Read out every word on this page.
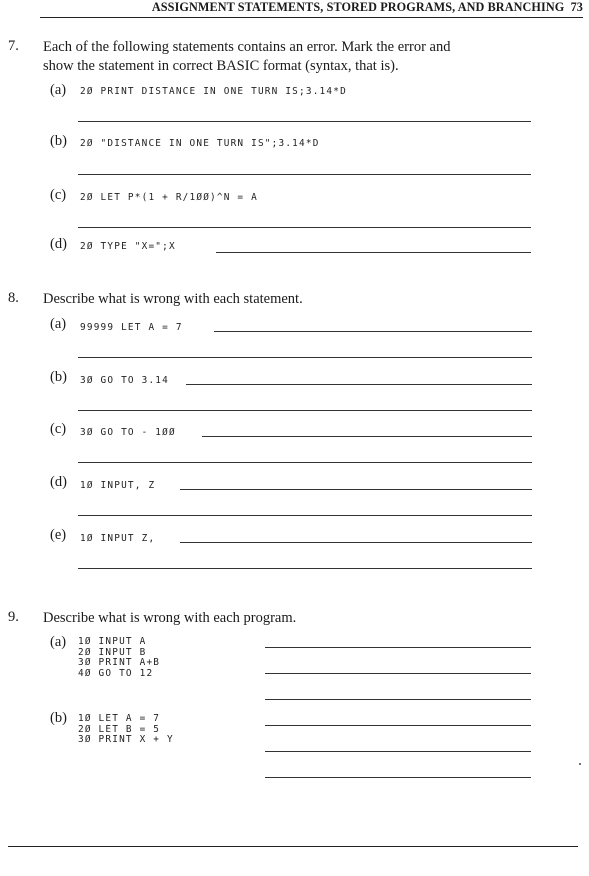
ASSIGNMENT STATEMENTS, STORED PROGRAMS, AND BRANCHING 73
7. Each of the following statements contains an error. Mark the error and
show the statement in correct BASIC format (syntax, that is).
(a) 2Ø PRINT DISTANCE IN ONE TURN IS;3.14*D
(b) 2Ø "DISTANCE IN ONE TURN IS";3.14*D
(c) 2Ø LET P*(1 + R/1ØØ)^N = A
(d) 2Ø TYPE "X=";X
8. Describe what is wrong with each statement.
(a) 99999 LET A = 7
(b) 3Ø GO TO 3.14
(c) 3Ø GO TO - 1ØØ
(d) 1Ø INPUT, Z
(e) 1Ø INPUT Z,
9. Describe what is wrong with each program.
(a) 1Ø INPUT A
2Ø INPUT B
3Ø PRINT A+B
4Ø GO TO 12
(b) 1Ø LET A = 7
2Ø LET B = 5
3Ø PRINT X + Y
